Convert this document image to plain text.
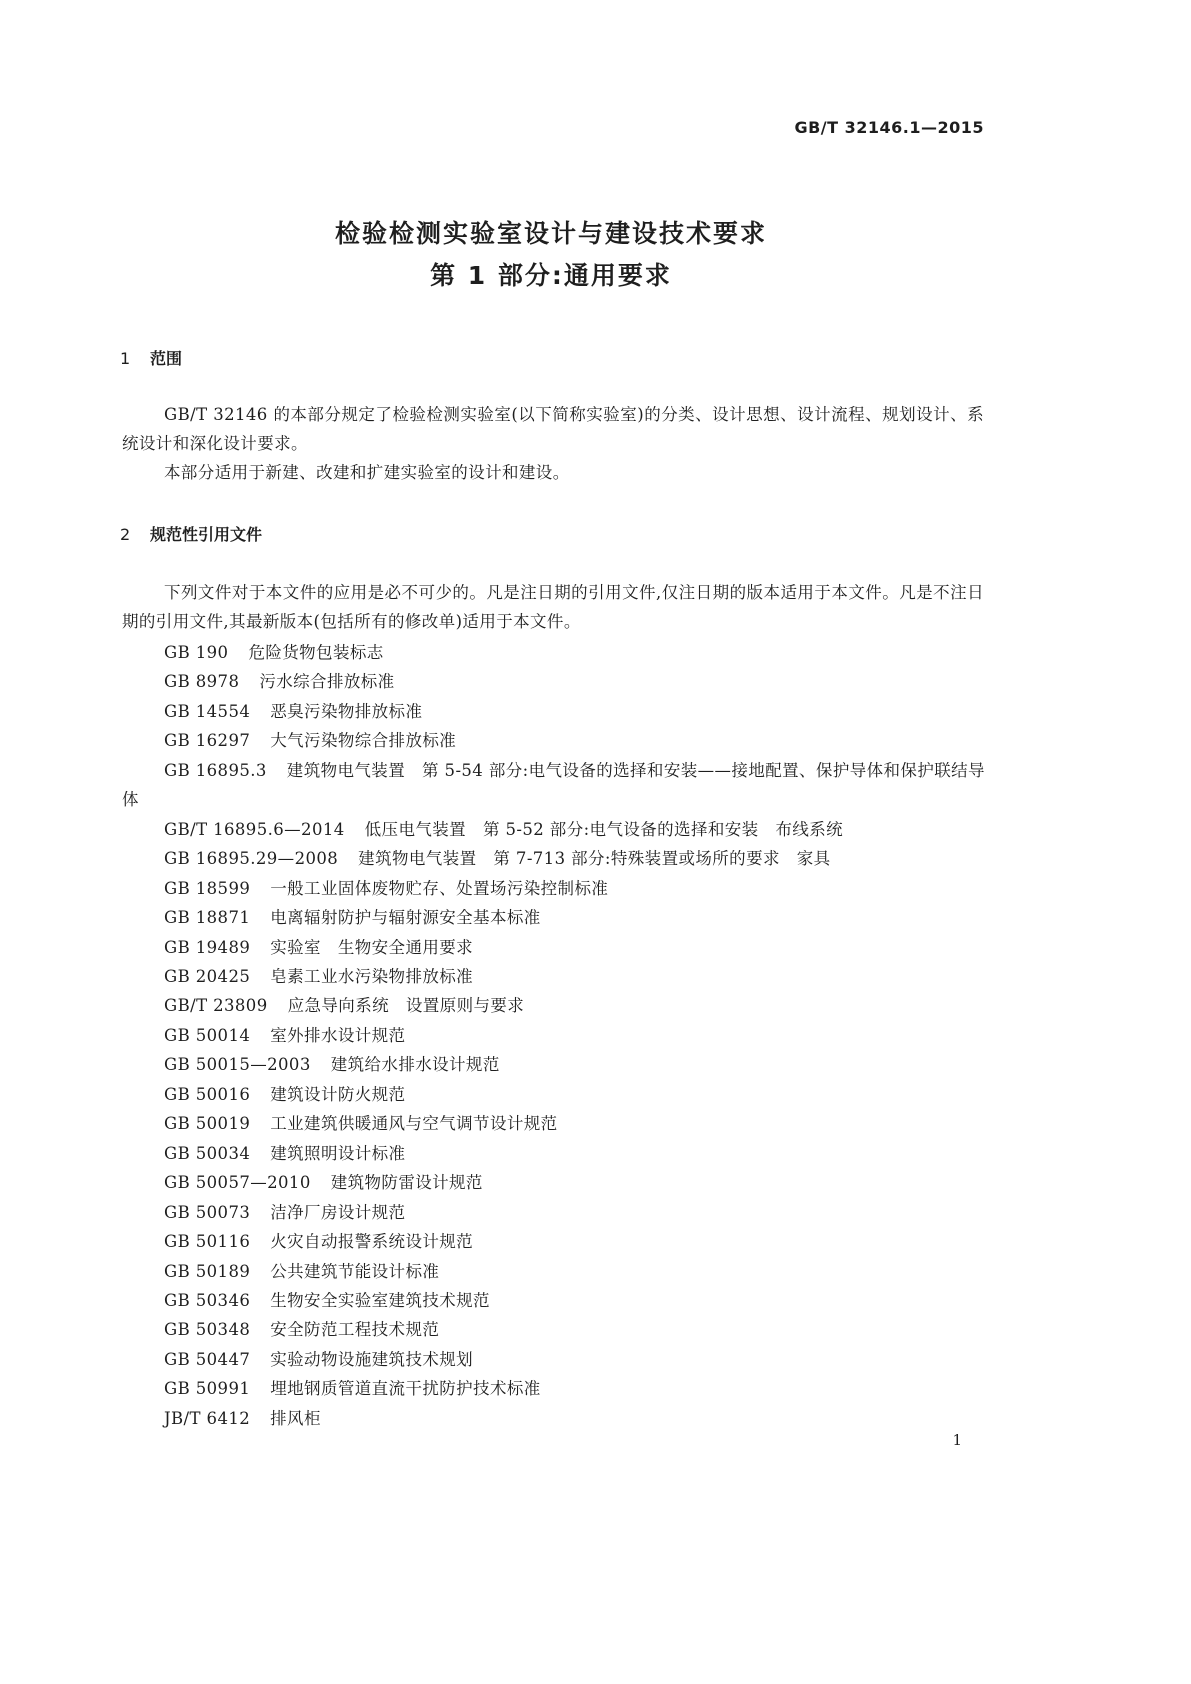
GB/T 32146.1—2015

检验检测实验室设计与建设技术要求
第 1 部分:通用要求
1 范围

GB/T 32146 的本部分规定了检验检测实验室(以下简称实验室)的分类、设计思想、设计流程、规划设计、系统设计和深化设计要求。

本部分适用于新建、改建和扩建实验室的设计和建设。

2 规范性引用文件

下列文件对于本文件的应用是必不可少的。凡是注日期的引用文件,仅注日期的版本适用于本文件。凡是不注日期的引用文件,其最新版本(包括所有的修改单)适用于本文件。

GB 190 危险货物包装标志
GB 8978 污水综合排放标准
GB 14554 恶臭污染物排放标准
GB 16297 大气污染物综合排放标准
GB 16895.3 建筑物电气装置　第 5-54 部分:电气设备的选择和安装——接地配置、保护导体和保护联结导体
GB/T 16895.6—2014 低压电气装置　第 5-52 部分:电气设备的选择和安装　布线系统
GB 16895.29—2008 建筑物电气装置　第 7-713 部分:特殊装置或场所的要求　家具
GB 18599 一般工业固体废物贮存、处置场污染控制标准
GB 18871 电离辐射防护与辐射源安全基本标准
GB 19489 实验室　生物安全通用要求
GB 20425 皂素工业水污染物排放标准
GB/T 23809 应急导向系统　设置原则与要求
GB 50014 室外排水设计规范
GB 50015—2003 建筑给水排水设计规范
GB 50016 建筑设计防火规范
GB 50019 工业建筑供暖通风与空气调节设计规范
GB 50034 建筑照明设计标准
GB 50057—2010 建筑物防雷设计规范
GB 50073 洁净厂房设计规范
GB 50116 火灾自动报警系统设计规范
GB 50189 公共建筑节能设计标准
GB 50346 生物安全实验室建筑技术规范
GB 50348 安全防范工程技术规范
GB 50447 实验动物设施建筑技术规划
GB 50991 埋地钢质管道直流干扰防护技术标准
JB/T 6412 排风柜

1
